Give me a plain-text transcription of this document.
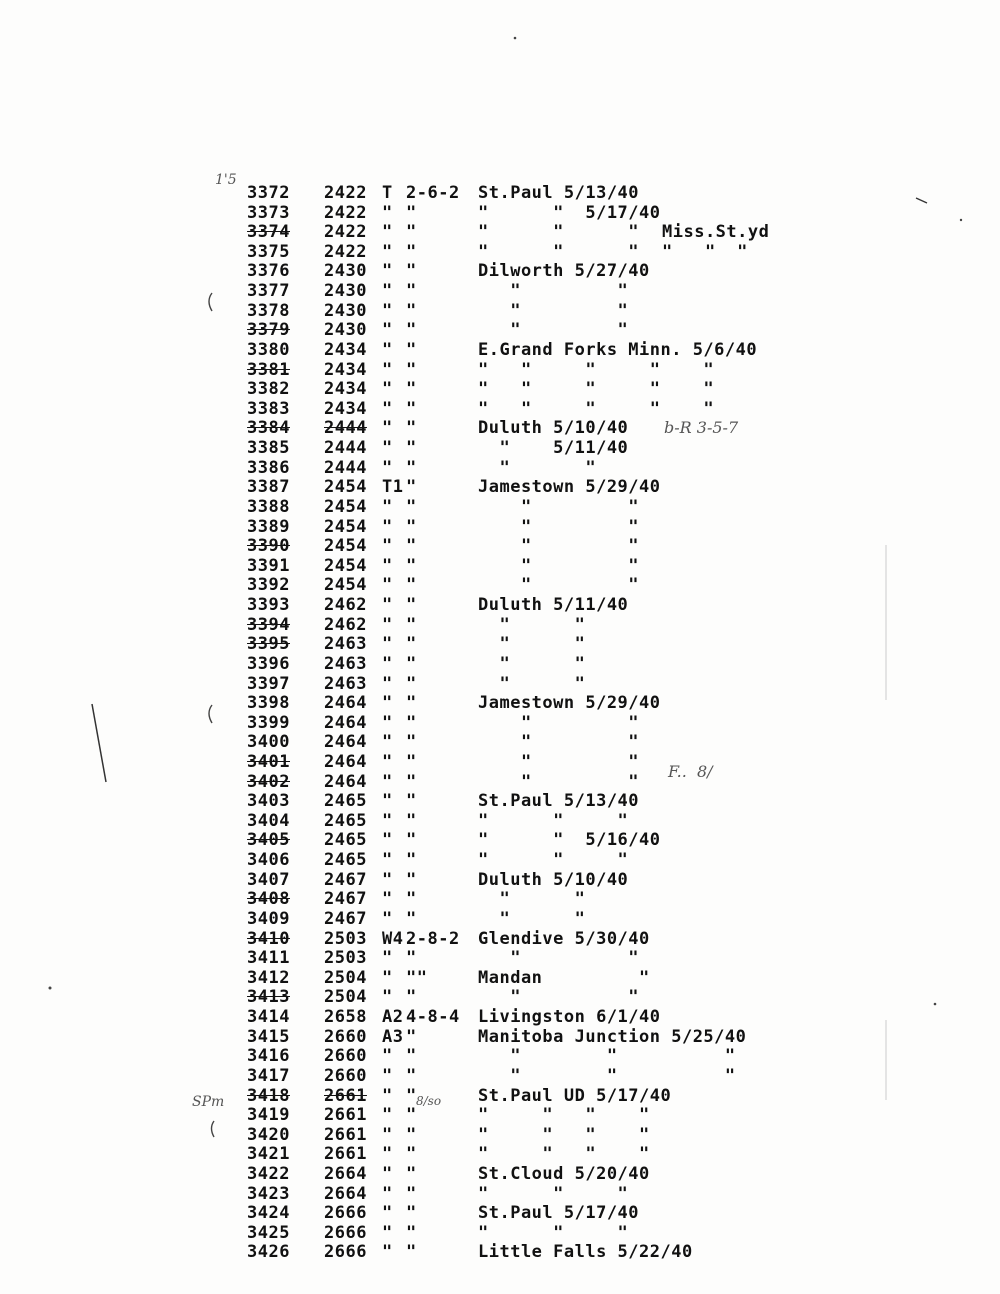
3372 2422 T 2-6-2 St.Paul 5/13/40
3373 2422 " "	"      "  5/17/40
3374 2422 " "	"      "      " Miss.St.yd
3375 2422 " "	"      "      " "   "  "
3376 2430 " "	Dilworth 5/27/40
3377 2430 " "	"         "
3378 2430 " "	"         "
3379 2430 " "	"         "
3380 2434 " "	E.Grand Forks Minn. 5/6/40
3381 2434 " "	"   "     "     "    "
3382 2434 " "	"   "     "     "    "
3383 2434 " "	"   "     "     "    "
3384 2444 " "	Duluth 5/10/40
3385 2444 " "	"    5/11/40
3386 2444 " "	"       "
3387 2454 T1 "	Jamestown 5/29/40
3388 2454 " "	"         "
3389 2454 " "	"         "
3390 2454 " "	"         "
3391 2454 " "	"         "
3392 2454 " "	"         "
3393 2462 " "	Duluth 5/11/40
3394 2462 " "	"      "
3395 2463 " "	"      "
3396 2463 " "	"      "
3397 2463 " "	"      "
3398 2464 " "	Jamestown 5/29/40
3399 2464 " "	"         "
3400 2464 " "	"         "
3401 2464 " "	"         "
3402 2464 " "	"         "
3403 2465 " "	St.Paul 5/13/40
3404 2465 " "	"      "     "
3405 2465 " "	"      "  5/16/40
3406 2465 " "	"      "     "
3407 2467 " "	Duluth 5/10/40
3408 2467 " "	"      "
3409 2467 " "	"      "
3410 2503 W4 2-8-2 Glendive 5/30/40
3411 2503 " "	"          "
3412 2504 " ""	Mandan         "
3413 2504 " "	"          "
3414 2658 A2 4-8-4 Livingston 6/1/40
3415 2660 A3 "	Manitoba Junction 5/25/40
3416 2660 " "	"        "          "
3417 2660 " "	"        "          "
3418 2661 " "	St.Paul UD 5/17/40
3419 2661 " "	"     "   "    "
3420 2661 " "	"     "   "    "
3421 2661 " "	"     "   "    "
3422 2664 " "	St.Cloud 5/20/40
3423 2664 " "	"      "     "
3424 2666 " "	St.Paul 5/17/40
3425 2666 " "	"      "     "
3426 2666 " "	Little Falls 5/22/40
1'5
b-R 3-5-7
F..  8/
SPm	8/so
